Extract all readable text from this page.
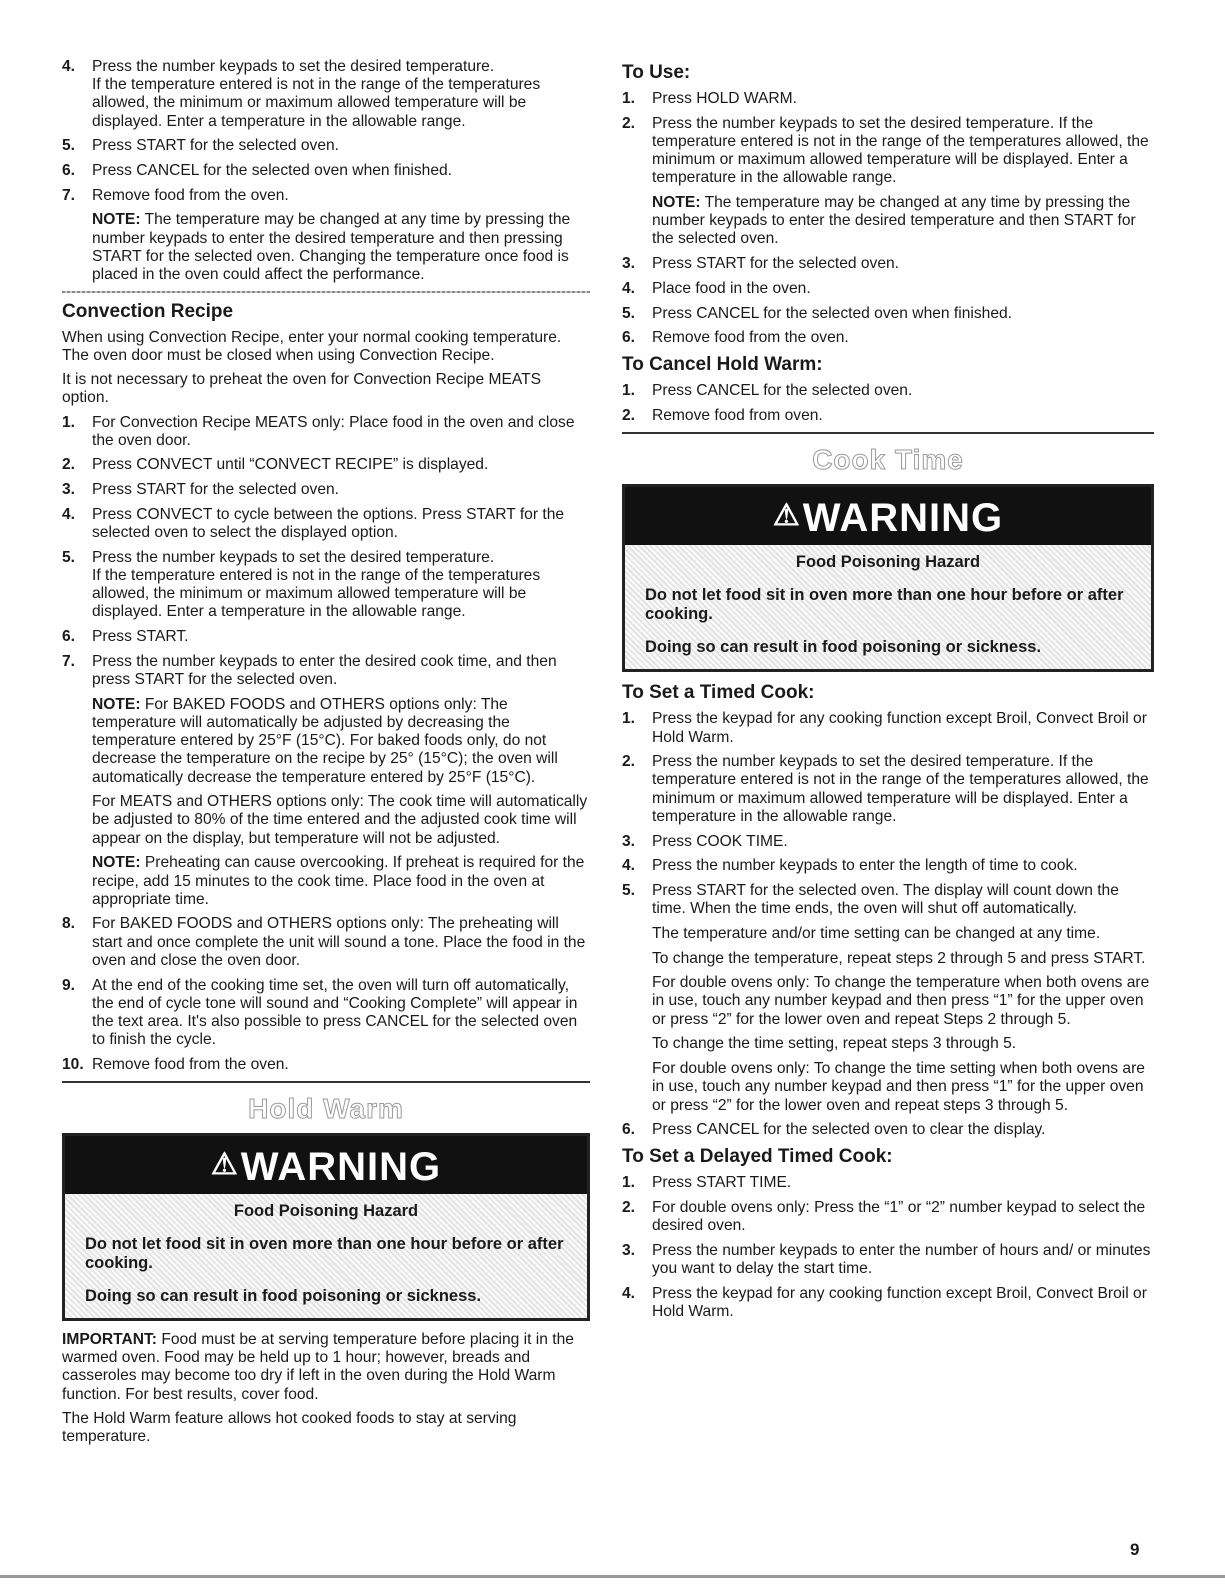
4. Press the number keypads to set the desired temperature.
If the temperature entered is not in the range of the temperatures allowed, the minimum or maximum allowed temperature will be displayed. Enter a temperature in the allowable range.
5. Press START for the selected oven.
6. Press CANCEL for the selected oven when finished.
7. Remove food from the oven.

NOTE: The temperature may be changed at any time by pressing the number keypads to enter the desired temperature and then pressing START for the selected oven. Changing the temperature once food is placed in the oven could affect the performance.

Convection Recipe

When using Convection Recipe, enter your normal cooking temperature. The oven door must be closed when using Convection Recipe.

It is not necessary to preheat the oven for Convection Recipe MEATS option.

1. For Convection Recipe MEATS only: Place food in the oven and close the oven door.
2. Press CONVECT until “CONVECT RECIPE” is displayed.
3. Press START for the selected oven.
4. Press CONVECT to cycle between the options. Press START for the selected oven to select the displayed option.
5. Press the number keypads to set the desired temperature.
If the temperature entered is not in the range of the temperatures allowed, the minimum or maximum allowed temperature will be displayed. Enter a temperature in the allowable range.
6. Press START.
7. Press the number keypads to enter the desired cook time, and then press START for the selected oven.

NOTE: For BAKED FOODS and OTHERS options only: The temperature will automatically be adjusted by decreasing the temperature entered by 25°F (15°C). For baked foods only, do not decrease the temperature on the recipe by 25° (15°C); the oven will automatically decrease the temperature entered by 25°F (15°C).

For MEATS and OTHERS options only: The cook time will automatically be adjusted to 80% of the time entered and the adjusted cook time will appear on the display, but temperature will not be adjusted.

NOTE: Preheating can cause overcooking. If preheat is required for the recipe, add 15 minutes to the cook time. Place food in the oven at appropriate time.

8. For BAKED FOODS and OTHERS options only: The preheating will start and once complete the unit will sound a tone. Place the food in the oven and close the oven door.
9. At the end of the cooking time set, the oven will turn off automatically, the end of cycle tone will sound and “Cooking Complete” will appear in the text area. It's also possible to press CANCEL for the selected oven to finish the cycle.
10. Remove food from the oven.
Hold Warm
⚠WARNING
Food Poisoning Hazard
Do not let food sit in oven more than one hour before or after cooking.
Doing so can result in food poisoning or sickness.

IMPORTANT: Food must be at serving temperature before placing it in the warmed oven. Food may be held up to 1 hour; however, breads and casseroles may become too dry if left in the oven during the Hold Warm function. For best results, cover food.

The Hold Warm feature allows hot cooked foods to stay at serving temperature.

To Use:
1. Press HOLD WARM.
2. Press the number keypads to set the desired temperature. If the temperature entered is not in the range of the temperatures allowed, the minimum or maximum allowed temperature will be displayed. Enter a temperature in the allowable range.

NOTE: The temperature may be changed at any time by pressing the number keypads to enter the desired temperature and then START for the selected oven.

3. Press START for the selected oven.
4. Place food in the oven.
5. Press CANCEL for the selected oven when finished.
6. Remove food from the oven.
To Cancel Hold Warm:
1. Press CANCEL for the selected oven.
2. Remove food from oven.
Cook Time
⚠WARNING
Food Poisoning Hazard
Do not let food sit in oven more than one hour before or after cooking.
Doing so can result in food poisoning or sickness.
To Set a Timed Cook:
1. Press the keypad for any cooking function except Broil, Convect Broil or Hold Warm.
2. Press the number keypads to set the desired temperature. If the temperature entered is not in the range of the temperatures allowed, the minimum or maximum allowed temperature will be displayed. Enter a temperature in the allowable range.
3. Press COOK TIME.
4. Press the number keypads to enter the length of time to cook.
5. Press START for the selected oven. The display will count down the time. When the time ends, the oven will shut off automatically.

The temperature and/or time setting can be changed at any time.

To change the temperature, repeat steps 2 through 5 and press START.

For double ovens only: To change the temperature when both ovens are in use, touch any number keypad and then press “1” for the upper oven or press “2” for the lower oven and repeat Steps 2 through 5.

To change the time setting, repeat steps 3 through 5.

For double ovens only: To change the time setting when both ovens are in use, touch any number keypad and then press “1” for the upper oven or press “2” for the lower oven and repeat steps 3 through 5.

6. Press CANCEL for the selected oven to clear the display.
To Set a Delayed Timed Cook:
1. Press START TIME.
2. For double ovens only: Press the “1” or “2” number keypad to select the desired oven.
3. Press the number keypads to enter the number of hours and/ or minutes you want to delay the start time.
4. Press the keypad for any cooking function except Broil, Convect Broil or Hold Warm.
9
